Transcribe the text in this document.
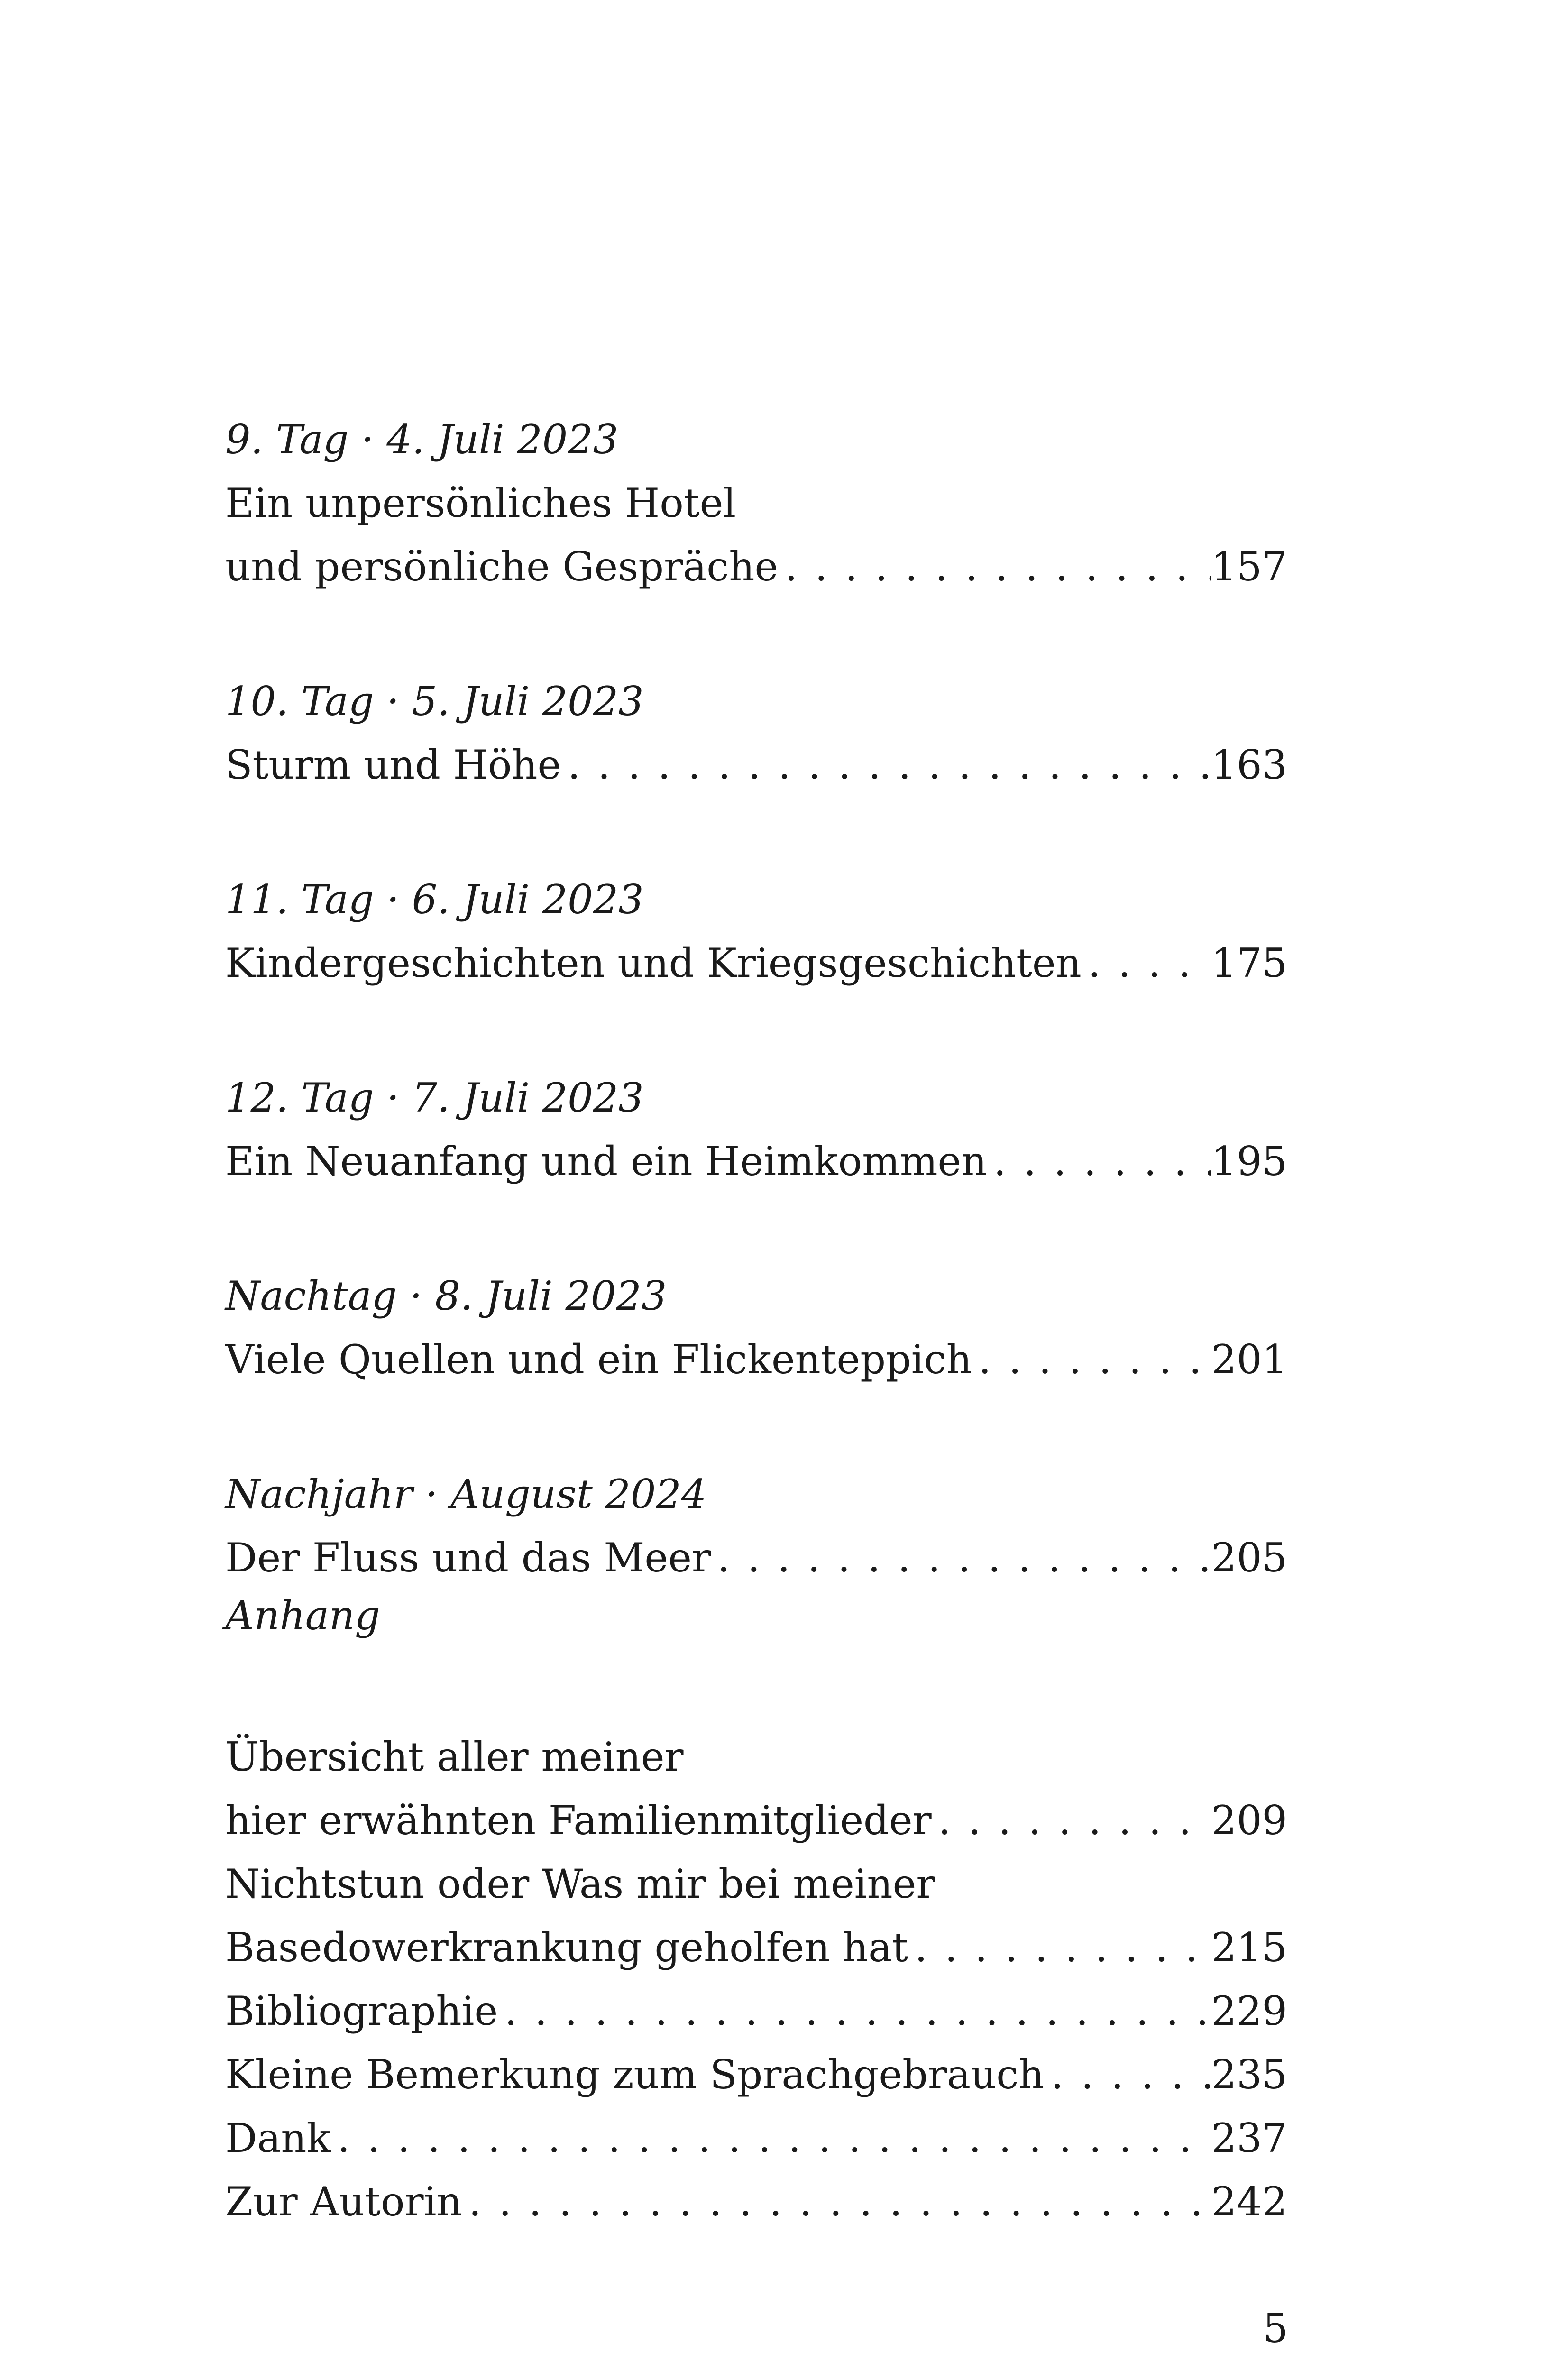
9. Tag · 4. Juli 2023
Ein unpersönliches Hotel
und persönliche Gespräche . . .	157
10. Tag · 5. Juli 2023
Sturm und Höhe . . .	163
11. Tag · 6. Juli 2023
Kindergeschichten und Kriegsgeschichten . . .	175
12. Tag · 7. Juli 2023
Ein Neuanfang und ein Heimkommen . . .	195
Nachtag · 8. Juli 2023
Viele Quellen und ein Flickenteppich . . .	201
Nachjahr · August 2024
Der Fluss und das Meer . . .	205
Anhang
Übersicht aller meiner
hier erwähnten Familienmitglieder . . .	209
Nichtstun oder Was mir bei meiner
Basedowerkrankung geholfen hat . . .	215
Bibliographie . . .	229
Kleine Bemerkung zum Sprachgebrauch . . .	235
Dank . . .	237
Zur Autorin . . .	242
5
